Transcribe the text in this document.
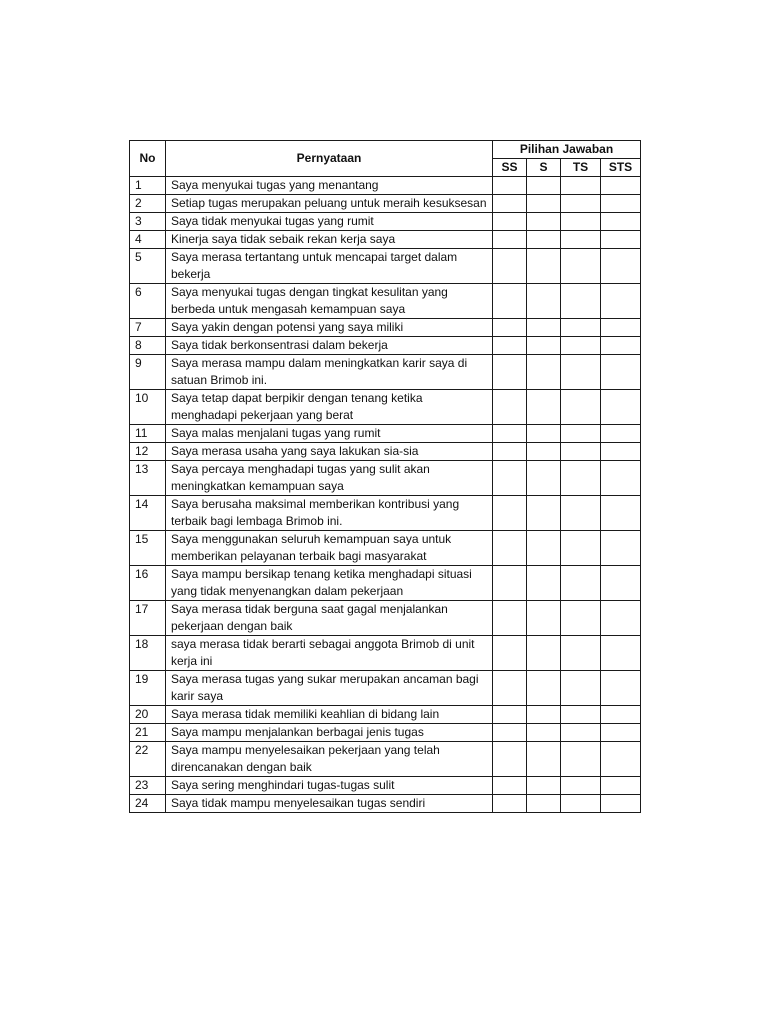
No	Pernyataan	Pilihan Jawaban			
		SS	S	TS	STS
1	Saya menyukai tugas yang menantang				
2	Setiap tugas merupakan peluang untuk meraih kesuksesan				
3	Saya tidak menyukai tugas yang rumit				
4	Kinerja saya tidak sebaik rekan kerja saya				
5	Saya merasa tertantang untuk mencapai target dalam bekerja				
6	Saya menyukai tugas dengan tingkat kesulitan yang berbeda untuk mengasah kemampuan saya				
7	Saya yakin dengan potensi yang saya miliki				
8	Saya tidak berkonsentrasi dalam bekerja				
9	Saya merasa mampu dalam meningkatkan karir saya di satuan Brimob ini.				
10	Saya tetap dapat berpikir dengan tenang ketika menghadapi pekerjaan yang berat				
11	Saya malas menjalani tugas yang rumit				
12	Saya merasa usaha yang saya lakukan sia-sia				
13	Saya percaya menghadapi tugas yang sulit akan meningkatkan kemampuan saya				
14	Saya berusaha maksimal memberikan kontribusi yang terbaik bagi lembaga Brimob ini.				
15	Saya menggunakan seluruh kemampuan saya untuk memberikan pelayanan terbaik bagi masyarakat				
16	Saya mampu bersikap tenang ketika menghadapi situasi yang tidak menyenangkan dalam pekerjaan				
17	Saya merasa tidak berguna saat gagal menjalankan pekerjaan dengan baik				
18	saya merasa tidak berarti sebagai anggota Brimob di unit kerja ini				
19	Saya merasa tugas yang sukar merupakan ancaman bagi karir saya				
20	Saya merasa tidak memiliki keahlian di bidang lain				
21	Saya mampu menjalankan berbagai jenis tugas				
22	Saya mampu menyelesaikan pekerjaan yang telah direncanakan dengan baik				
23	Saya sering menghindari tugas-tugas sulit				
24	Saya tidak mampu menyelesaikan tugas sendiri				
